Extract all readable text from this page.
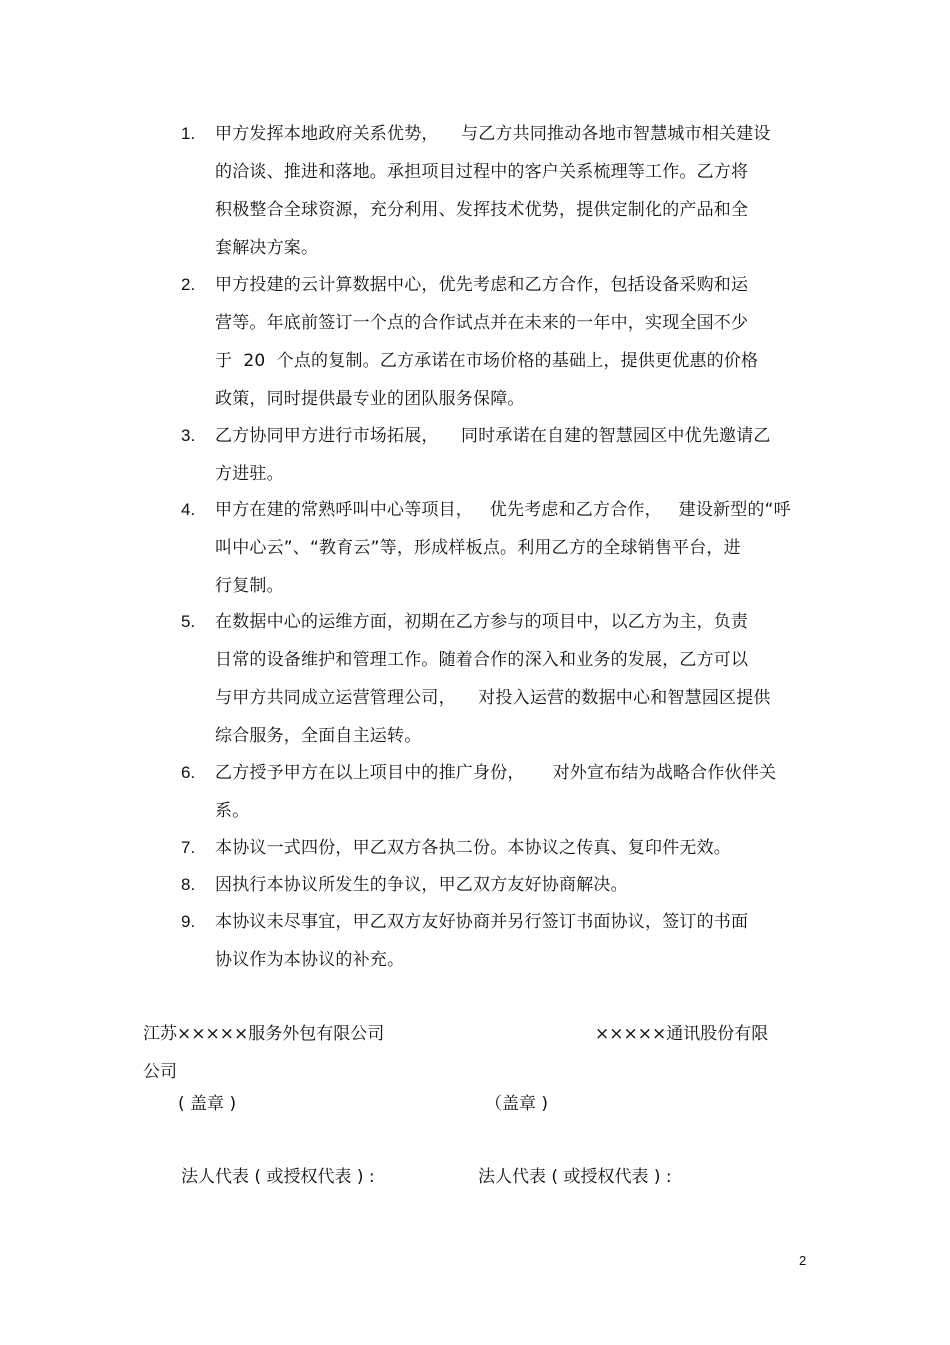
1. 甲方发挥本地政府关系优势，    与乙方共同推动各地市智慧城市相关建设
的洽谈、推进和落地。承担项目过程中的客户关系梳理等工作。乙方将
积极整合全球资源，充分利用、发挥技术优势，提供定制化的产品和全
套解决方案。
2. 甲方投建的云计算数据中心，优先考虑和乙方合作，包括设备采购和运
营等。年底前签订一个点的合作试点并在未来的一年中，实现全国不少
于  20  个点的复制。乙方承诺在市场价格的基础上，提供更优惠的价格
政策，同时提供最专业的团队服务保障。
3. 乙方协同甲方进行市场拓展，    同时承诺在自建的智慧园区中优先邀请乙
方进驻。
4. 甲方在建的常熟呼叫中心等项目，   优先考虑和乙方合作，   建设新型的“呼
叫中心云”、“教育云”等，形成样板点。利用乙方的全球销售平台，进
行复制。
5. 在数据中心的运维方面，初期在乙方参与的项目中，以乙方为主，负责
日常的设备维护和管理工作。随着合作的深入和业务的发展，乙方可以
与甲方共同成立运营管理公司，    对投入运营的数据中心和智慧园区提供
综合服务，全面自主运转。
6. 乙方授予甲方在以上项目中的推广身份，     对外宣布结为战略合作伙伴关
系。
7. 本协议一式四份，甲乙双方各执二份。本协议之传真、复印件无效。
8. 因执行本协议所发生的争议，甲乙双方友好协商解决。
9. 本协议未尽事宜，甲乙双方友好协商并另行签订书面协议，签订的书面
协议作为本协议的补充。
江苏×××××服务外包有限公司	×××××通讯股份有限
公司
( 盖章 )	（盖章 )
法人代表 ( 或授权代表 ) :	法人代表 ( 或授权代表 ) :
2
